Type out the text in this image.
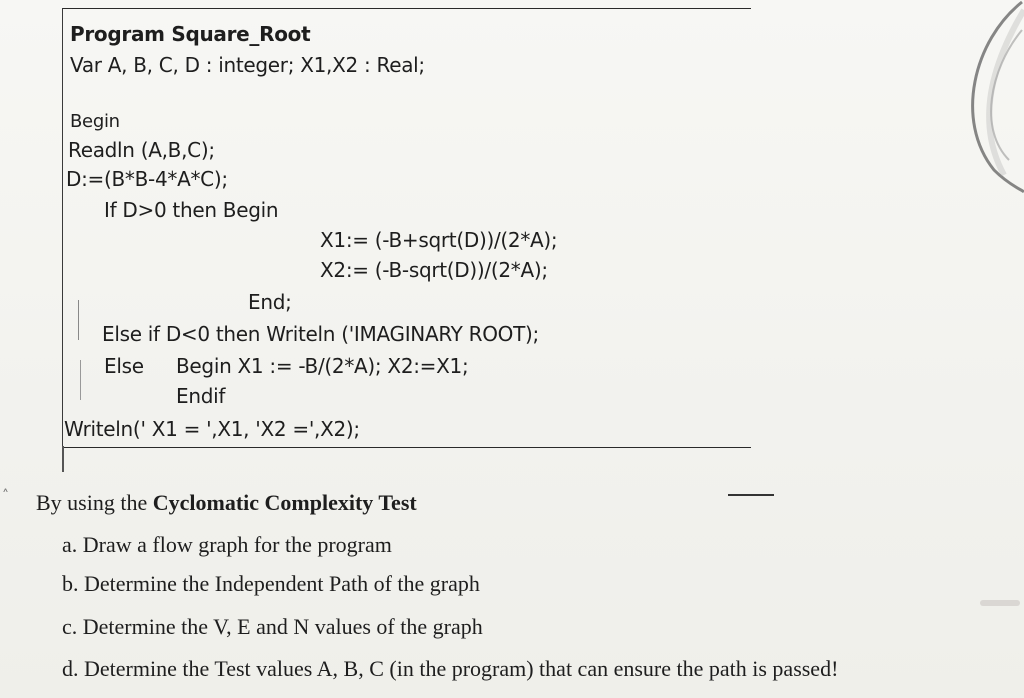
Program Square_Root
Var A, B, C, D : integer; X1,X2 : Real;
Begin
Readln (A,B,C);
D:=(B*B-4*A*C);
If D>0 then Begin
X1:= (-B+sqrt(D))/(2*A);
X2:= (-B-sqrt(D))/(2*A);
End;
Else if D<0 then Writeln ('IMAGINARY ROOT);
Else Begin X1 := -B/(2*A); X2:=X1;
Endif
Writeln(' X1 = ',X1, 'X2 =',X2);
˄ By using the Cyclomatic Complexity Test
a. Draw a flow graph for the program
b. Determine the Independent Path of the graph
c. Determine the V, E and N values of the graph
d. Determine the Test values A, B, C (in the program) that can ensure the path is passed!
